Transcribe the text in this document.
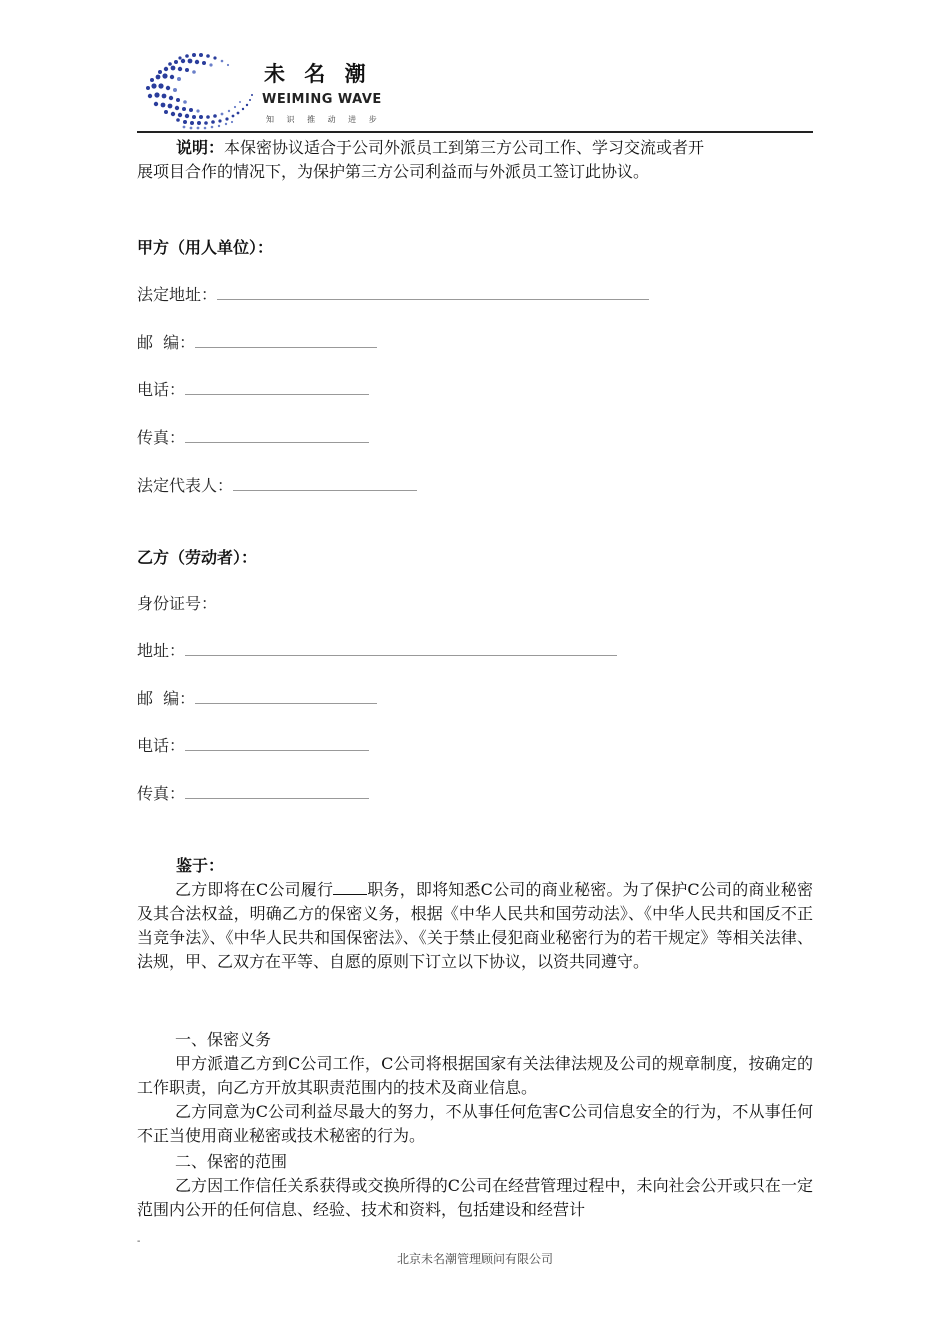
未 名 潮
WEIMING WAVE
知 识 推 动 进 步
说明：本保密协议适合于公司外派员工到第三方公司工作、学习交流或者开
展项目合作的情况下，为保护第三方公司利益而与外派员工签订此协议。
甲方（用人单位）：
法定地址：
邮  编：
电话：
传真：
法定代表人：
乙方（劳动者）：
身份证号：
地址：
邮  编：
电话：
传真：
鉴于：
乙方即将在C公司履行 职务，即将知悉C公司的商业秘密。为了保护C公司的商业秘密及其合法权益，明确乙方的保密义务，根据《中华人民共和国劳动法》、《中华人民共和国反不正当竞争法》、《中华人民共和国保密法》、《关于禁止侵犯商业秘密行为的若干规定》等相关法律、法规，甲、乙双方在平等、自愿的原则下订立以下协议，以资共同遵守。
一、保密义务
甲方派遣乙方到C公司工作，C公司将根据国家有关法律法规及公司的规章制度，按确定的工作职责，向乙方开放其职责范围内的技术及商业信息。
乙方同意为C公司利益尽最大的努力，不从事任何危害C公司信息安全的行为，不从事任何不正当使用商业秘密或技术秘密的行为。
二、保密的范围
乙方因工作信任关系获得或交换所得的C公司在经营管理过程中，未向社会公开或只在一定范围内公开的任何信息、经验、技术和资料，包括建设和经营计
-
北京未名潮管理顾问有限公司
